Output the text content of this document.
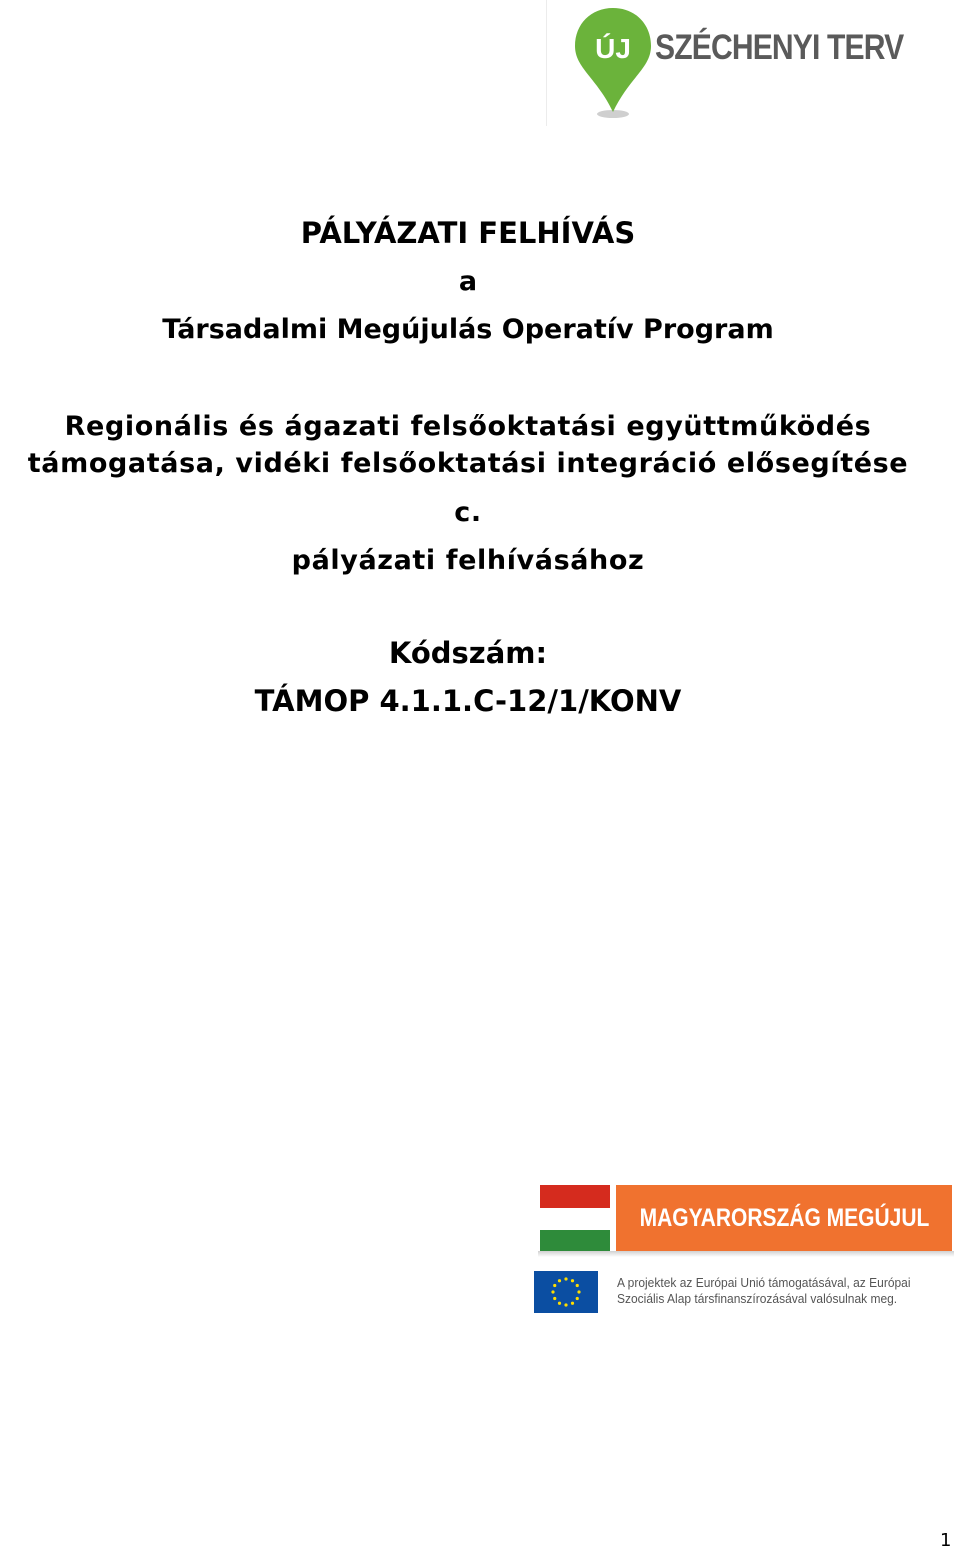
ÚJ SZÉCHENYI TERV
PÁLYÁZATI FELHÍVÁS
a
Társadalmi Megújulás Operatív Program
Regionális és ágazati felsőoktatási együttműködés
támogatása, vidéki felsőoktatási integráció elősegítése
c.
pályázati felhívásához
Kódszám:
TÁMOP 4.1.1.C-12/1/KONV
MAGYARORSZÁG MEGÚJUL
A projektek az Európai Unió támogatásával, az Európai
Szociális Alap társfinanszírozásával valósulnak meg.
1
